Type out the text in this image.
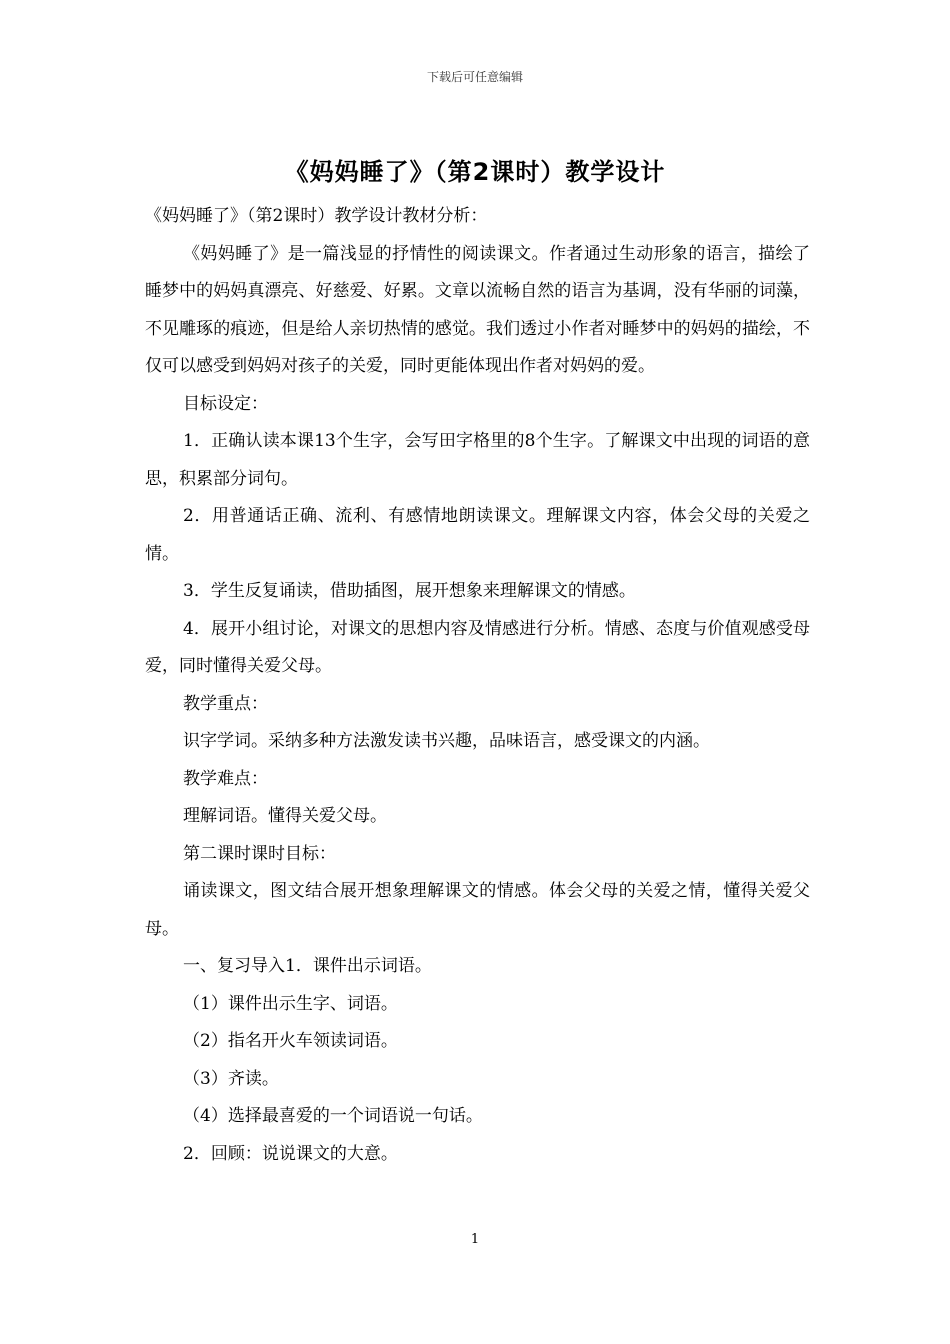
下载后可任意编辑
《妈妈睡了》（第2课时）教学设计

《妈妈睡了》（第2课时）教学设计教材分析：

《妈妈睡了》是一篇浅显的抒情性的阅读课文。作者通过生动形象的语言，描绘了睡梦中的妈妈真漂亮、好慈爱、好累。文章以流畅自然的语言为基调，没有华丽的词藻，不见雕琢的痕迹，但是给人亲切热情的感觉。我们透过小作者对睡梦中的妈妈的描绘，不仅可以感受到妈妈对孩子的关爱，同时更能体现出作者对妈妈的爱。

目标设定：

1．正确认读本课13个生字，会写田字格里的8个生字。了解课文中出现的词语的意思，积累部分词句。

2．用普通话正确、流利、有感情地朗读课文。理解课文内容，体会父母的关爱之情。

3．学生反复诵读，借助插图，展开想象来理解课文的情感。

4．展开小组讨论，对课文的思想内容及情感进行分析。情感、态度与价值观感受母爱，同时懂得关爱父母。

教学重点：

识字学词。采纳多种方法激发读书兴趣，品味语言，感受课文的内涵。

教学难点：

理解词语。懂得关爱父母。

第二课时课时目标：

诵读课文，图文结合展开想象理解课文的情感。体会父母的关爱之情，懂得关爱父母。

一、复习导入1．课件出示词语。

（1）课件出示生字、词语。

（2）指名开火车领读词语。

（3）齐读。

（4）选择最喜爱的一个词语说一句话。

2．回顾：说说课文的大意。

1
